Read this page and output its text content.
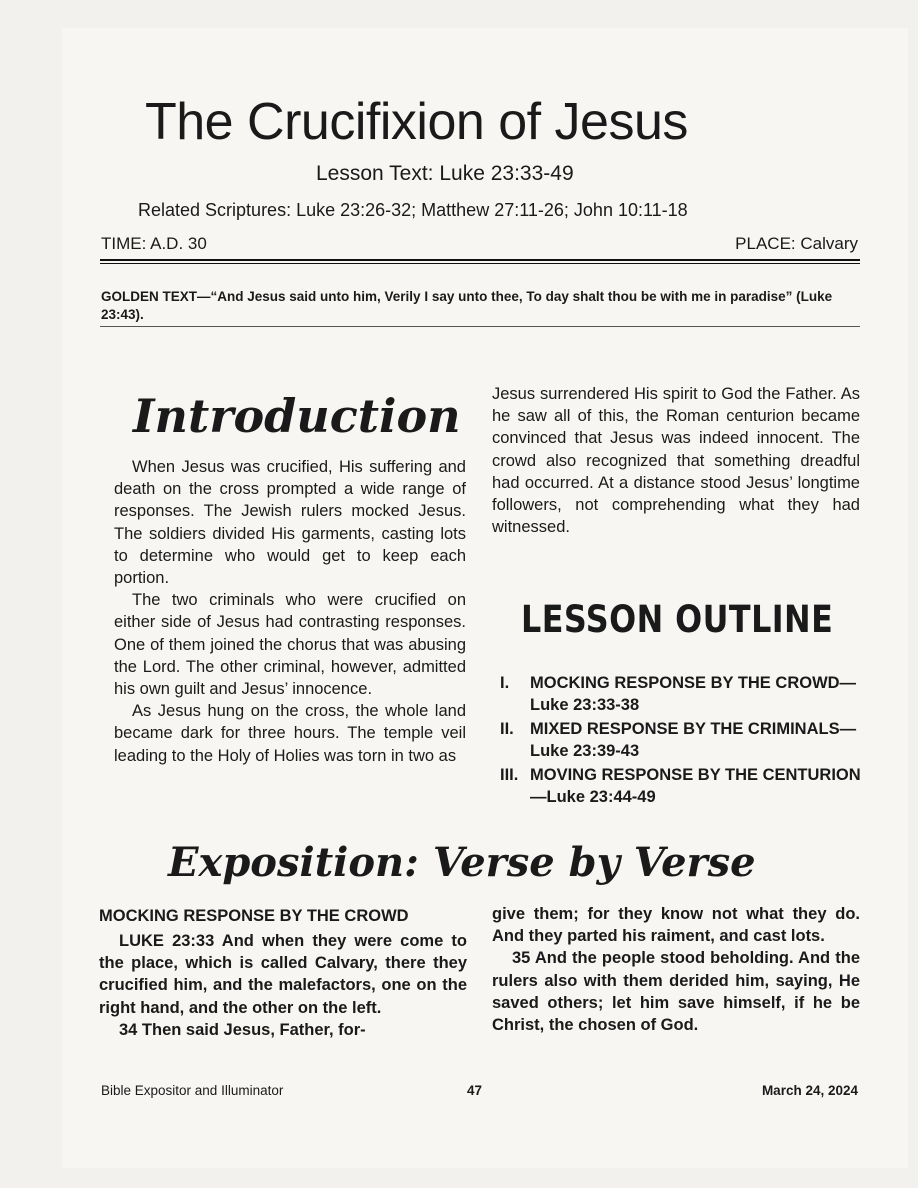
The Crucifixion of Jesus
Lesson Text: Luke 23:33-49
Related Scriptures: Luke 23:26-32; Matthew 27:11-26; John 10:11-18
TIME: A.D. 30	PLACE: Calvary

GOLDEN TEXT—“And Jesus said unto him, Verily I say unto thee, To day shalt thou be with me in paradise” (Luke 23:43).

Introduction

When Jesus was crucified, His suffering and death on the cross prompted a wide range of responses. The Jewish rulers mocked Jesus. The soldiers divided His garments, casting lots to determine who would get to keep each portion.

The two criminals who were crucified on either side of Jesus had contrasting responses. One of them joined the chorus that was abusing the Lord. The other criminal, however, admitted his own guilt and Jesus’ innocence.

As Jesus hung on the cross, the whole land became dark for three hours. The temple veil leading to the Holy of Holies was torn in two as

Jesus surrendered His spirit to God the Father. As he saw all of this, the Roman centurion became convinced that Jesus was indeed innocent. The crowd also recognized that something dreadful had occurred. At a distance stood Jesus’ longtime followers, not comprehending what they had witnessed.

LESSON OUTLINE
I.	MOCKING RESPONSE BY THE CROWD—Luke 23:33-38
II. MIXED RESPONSE BY THE CRIMINALS—Luke 23:39-43
III. MOVING RESPONSE BY THE CENTURION—Luke 23:44-49
Exposition: Verse by Verse
MOCKING RESPONSE BY THE CROWD

LUKE 23:33 And when they were come to the place, which is called Calvary, there they crucified him, and the malefactors, one on the right hand, and the other on the left.

34 Then said Jesus, Father, for-

give them; for they know not what they do. And they parted his raiment, and cast lots.

35 And the people stood beholding. And the rulers also with them derided him, saying, He saved others; let him save himself, if he be Christ, the chosen of God.

Bible Expositor and Illuminator	47	March 24, 2024
